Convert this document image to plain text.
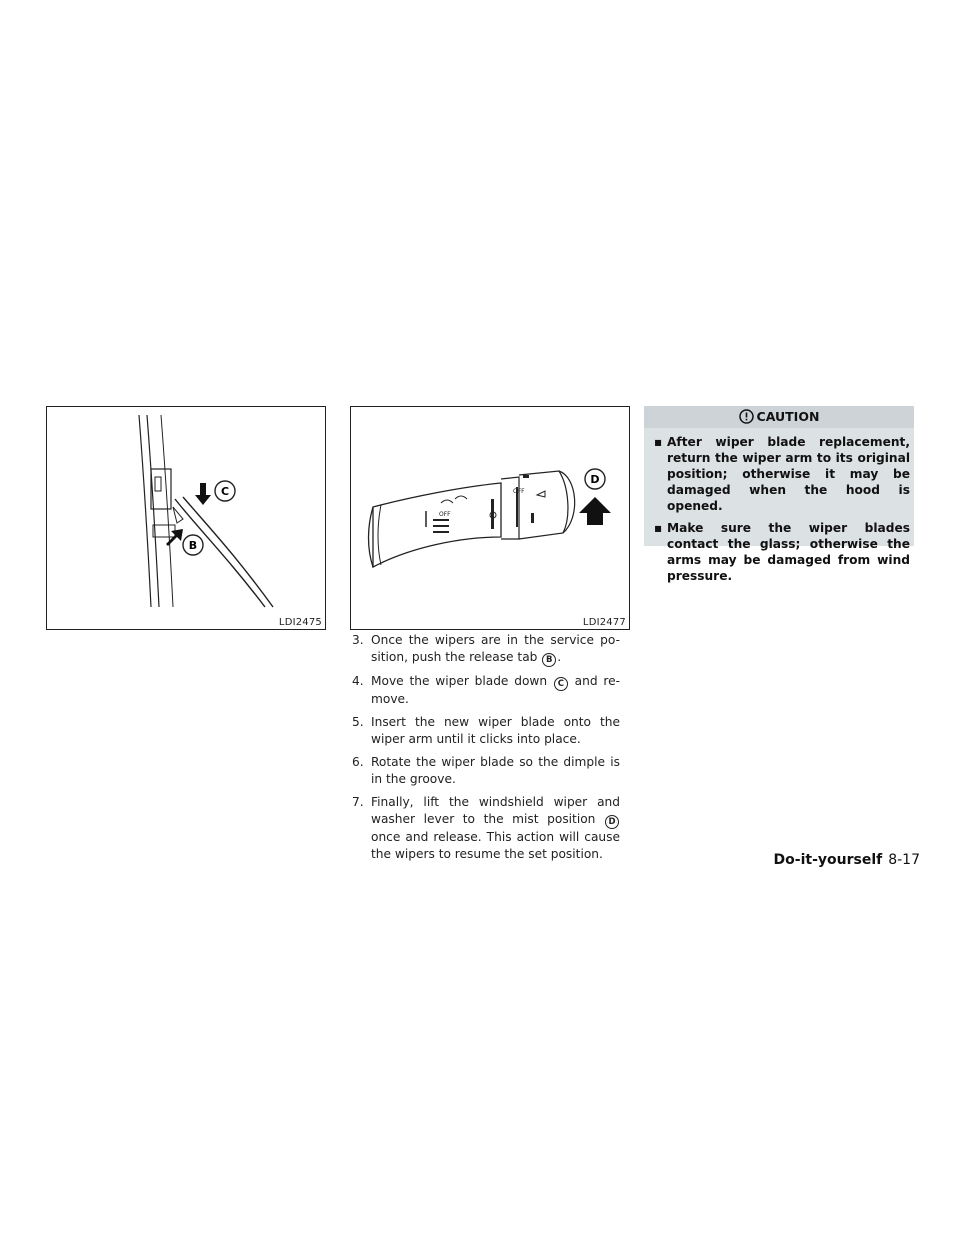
C
B
LDI2475
OFF
OFF
D
LDI2477
3. Once the wipers are in the service po- sition, push the release tab B .
4. Move the wiper blade down C and re- move.
5. Insert the new wiper blade onto the wiper arm until it clicks into place.
6. Rotate the wiper blade so the dimple is in the groove.
7. Finally, lift the windshield wiper and washer lever to the mist position D once and release. This action will cause the wipers to resume the set position.
CAUTION
▪ After wiper blade replacement, return the wiper arm to its original position; otherwise it may be damaged when the hood is opened.
▪ Make sure the wiper blades contact the glass; otherwise the arms may be damaged from wind pressure.
Do-it-yourself 8-17
